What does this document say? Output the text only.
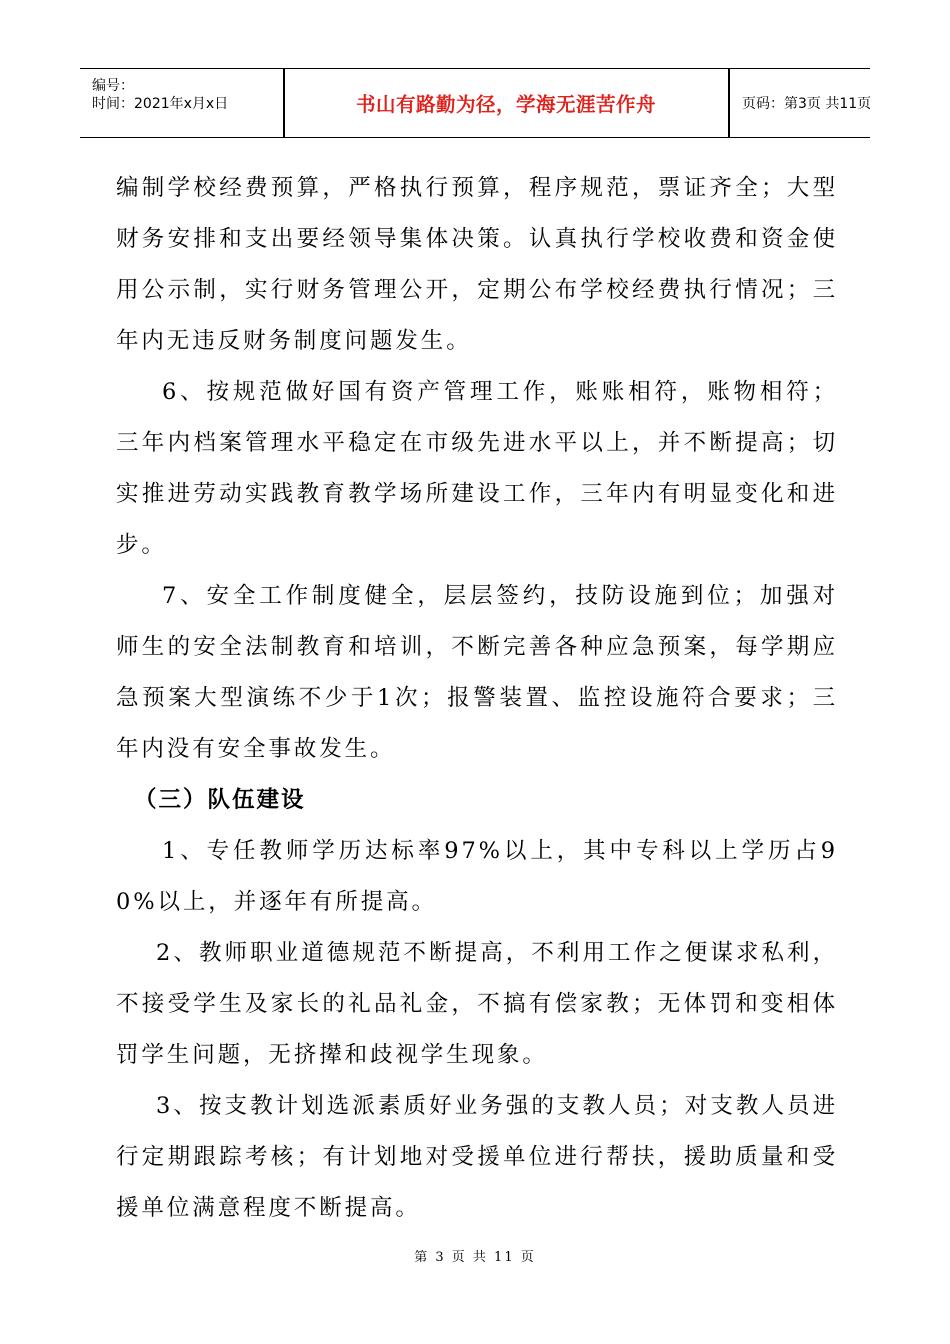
编号：
时间：2021年x月x日	书山有路勤为径，学海无涯苦作舟	页码：第3页 共11页

编制学校经费预算，严格执行预算，程序规范，票证齐全；大型财务安排和支出要经领导集体决策。认真执行学校收费和资金使用公示制，实行财务管理公开，定期公布学校经费执行情况；三年内无违反财务制度问题发生。

6、按规范做好国有资产管理工作，账账相符，账物相符；三年内档案管理水平稳定在市级先进水平以上，并不断提高；切实推进劳动实践教育教学场所建设工作，三年内有明显变化和进步。

7、安全工作制度健全，层层签约，技防设施到位；加强对师生的安全法制教育和培训，不断完善各种应急预案，每学期应急预案大型演练不少于1次；报警装置、监控设施符合要求；三年内没有安全事故发生。

（三）队伍建设

1、专任教师学历达标率97%以上，其中专科以上学历占90%以上，并逐年有所提高。

2、教师职业道德规范不断提高，不利用工作之便谋求私利，不接受学生及家长的礼品礼金，不搞有偿家教；无体罚和变相体罚学生问题，无挤撵和歧视学生现象。

3、按支教计划选派素质好业务强的支教人员；对支教人员进行定期跟踪考核；有计划地对受援单位进行帮扶，援助质量和受援单位满意程度不断提高。

第 3 页 共 11 页
